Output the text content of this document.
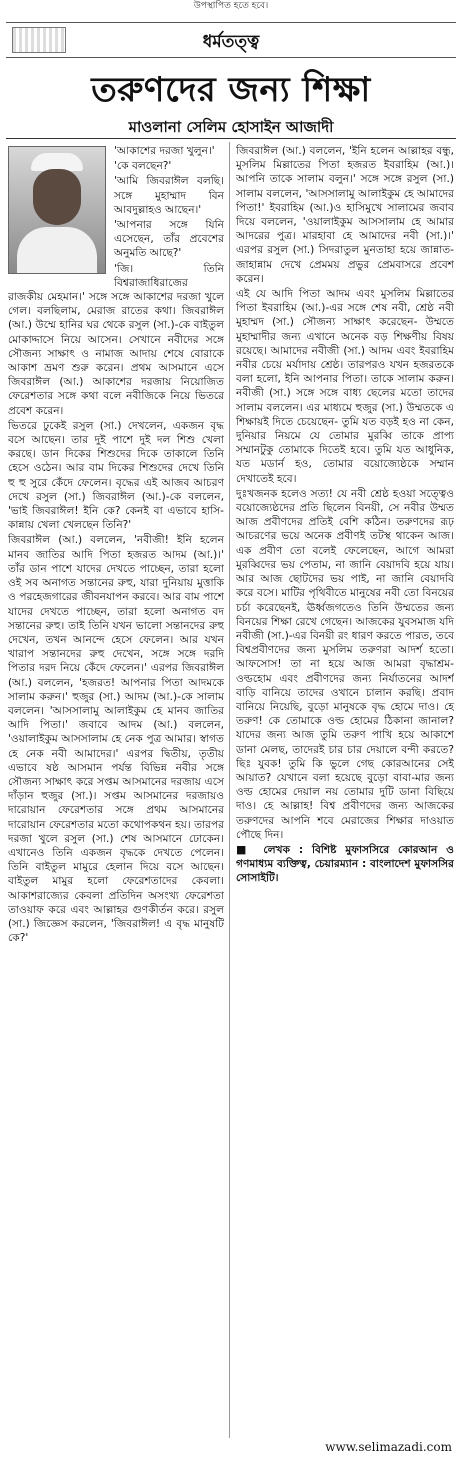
উপস্থাপিত হতে হবে।
ধর্মতত্ত্ব
তরুণদের জন্য শিক্ষা
মাওলানা সেলিম হোসাইন আজাদী

'আকাশের দরজা খুলুন।'

'কে বলছেন?'

'আমি জিবরাঈল বলছি। সঙ্গে মুহাম্মাদ বিন আবদুল্লাহও আছেন।'

'আপনার সঙ্গে যিনি এসেছেন, তাঁর প্রবেশের অনুমতি আছে?'

'জি। তিনি বিশ্বরাজাধিরাজের রাজকীয় মেহমান।' সঙ্গে সঙ্গে আকাশের দরজা খুলে গেল। বলছিলাম, মেরাজ রাতের কথা। জিবরাঈল (আ.) উম্মে হানির ঘর থেকে রসুল (সা.)-কে বাইতুল মোকাদ্দাসে নিয়ে আসেন। সেখানে নবীদের সঙ্গে সৌজন্য সাক্ষাৎ ও নামাজ আদায় শেষে বোরাকে আকাশ ভ্রমণ শুরু করেন। প্রথম আসমানে এসে জিবরাঈল (আ.) আকাশের দরজায় নিয়োজিত ফেরেশতার সঙ্গে কথা বলে নবীজিকে নিয়ে ভিতরে প্রবেশ করেন।

ভিতরে ঢুকেই রসুল (সা.) দেখলেন, একজন বৃদ্ধ বসে আছেন। তার দুই পাশে দুই দল শিশু খেলা করছে। ডান দিকের শিশুদের দিকে তাকালে তিনি হেসে ওঠেন। আর বাম দিকের শিশুদের দেখে তিনি হু হু সুরে কেঁদে ফেলেন। বৃদ্ধের এই আজব আচরণ দেখে রসুল (সা.) জিবরাঈল (আ.)-কে বললেন, 'ভাই জিবরাঈল! ইনি কে? কেনই বা এভাবে হাসি-কান্নায় খেলা খেলছেন তিনি?'

জিবরাঈল (আ.) বললেন, 'নবীজী! ইনি হলেন মানব জাতির আদি পিতা হজরত আদম (আ.)।' তাঁর ডান পাশে যাদের দেখতে পাচ্ছেন, তারা হলো ওই সব অনাগত সন্তানের রুহু, যারা দুনিয়ায় মুত্তাকি ও পরহেজগারের জীবনযাপন করবে। আর বাম পাশে যাদের দেখতে পাচ্ছেন, তারা হলো অনাগত বদ সন্তানের রুহু। তাই তিনি যখন ভালো সন্তানদের রুহু দেখেন, তখন আনন্দে হেসে ফেলেন। আর যখন খারাপ সন্তানদের রুহু দেখেন, সঙ্গে সঙ্গে দরদি পিতার দরদ নিয়ে কেঁদে ফেলেন।' এরপর জিবরাঈল (আ.) বললেন, 'হজরত! আপনার পিতা আদমকে সালাম করুন।' হুজুর (সা.) আদম (আ.)-কে সালাম বললেন। 'আসসালামু আলাইকুম হে মানব জাতির আদি পিতা।' জবাবে আদম (আ.) বললেন, 'ওয়ালাইকুম আসসালাম হে নেক পুত্র আমার। স্বাগত হে নেক নবী আমাদের।' এরপর দ্বিতীয়, তৃতীয় এভাবে ষষ্ঠ আসমান পর্যন্ত বিভিন্ন নবীর সঙ্গে সৌজন্য সাক্ষাৎ করে সপ্তম আসমানের দরজায় এসে দাঁড়ান হুজুর (সা.)। সপ্তম আসমানের দরজায়ও দারোয়ান ফেরেশতার সঙ্গে প্রথম আসমানের দারোয়ান ফেরেশতার মতো কথোপকথন হয়। তারপর দরজা খুলে রসুল (সা.) শেষ আসমানে ঢোকেন। এখানেও তিনি একজন বৃদ্ধকে দেখতে পেলেন। তিনি বাইতুল মামুরে হেলান দিয়ে বসে আছেন। বাইতুল মামুর হলো ফেরেশতাদের কেবলা। আকাশরাজ্যের কেবলা প্রতিদিন অসংখ্য ফেরেশতা তাওয়াফ করে এবং আল্লাহর গুণকীর্তন করে। রসুল (সা.) জিজ্ঞেস করলেন, 'জিবরাঈল! এ বৃদ্ধ মানুষটি কে?'

জিবরাঈল (আ.) বললেন, 'ইনি হলেন আল্লাহর বন্ধু, মুসলিম মিল্লাতের পিতা হজরত ইবরাহিম (আ.)। আপনি তাকে সালাম বলুন।' সঙ্গে সঙ্গে রসুল (সা.) সালাম বললেন, 'আসসালামু আলাইকুম হে আমাদের পিতা!' ইবরাহিম (আ.)ও হাসিমুখে সালামের জবাব দিয়ে বললেন, 'ওয়ালাইকুম আসসালাম হে আমার আদরের পুত্র। মারহাবা হে আমাদের নবী (সা.)।' এরপর রসুল (সা.) সিদরাতুল মুনতাহা হয়ে জান্নাত-জাহান্নাম দেখে প্রেমময় প্রভুর প্রেমবাসরে প্রবেশ করেন।

এই যে আদি পিতা আদম এবং মুসলিম মিল্লাতের পিতা ইবরাহিম (আ.)-এর সঙ্গে শেষ নবী, শ্রেষ্ঠ নবী মুহাম্মদ (সা.) সৌজন্য সাক্ষাৎ করেছেন- উম্মতে মুহাম্মাদীর জন্য এখানে অনেক বড় শিক্ষণীয় বিষয় রয়েছে। আমাদের নবীজী (সা.) আদম এবং ইবরাহিম নবীর চেয়ে মর্যাদায় শ্রেষ্ঠ। তারপরও যখন হজরতকে বলা হলো, ইনি আপনার পিতা। তাকে সালাম করুন। নবীজী (সা.) সঙ্গে সঙ্গে বাধ্য ছেলের মতো তাদের সালাম বললেন। এর মাধ্যমে হুজুর (সা.) উম্মতকে এ শিক্ষায়ই দিতে চেয়েছেন- তুমি যত বড়ই হও না কেন, দুনিয়ার নিয়মে যে তোমার মুরব্বি তাকে প্রাপ্য সম্মানটুকু তোমাকে দিতেই হবে। তুমি যত আধুনিক, যত মডার্ন হও, তোমার বয়োজ্যেষ্ঠকে সম্মান দেখাতেই হবে।

দুঃখজনক হলেও সত্য! যে নবী শ্রেষ্ঠ হওয়া সত্ত্বেও বয়োজ্যেষ্ঠদের প্রতি ছিলেন বিনয়ী, সে নবীর উম্মত আজ প্রবীণদের প্রতিই বেশি কঠিন। তরুণদের রূঢ় আচরণের ভয়ে অনেক প্রবীণই তটস্থ থাকেন আজ। এক প্রবীণ তো বলেই ফেলেছেন, আগে আমরা মুরব্বিদের ভয় পেতাম, না জানি বেয়াদবি হয়ে যায়। আর আজ ছোটদের ভয় পাই, না জানি বেয়াদবি করে বসে। মাটির পৃথিবীতে মানুষের নবী তো বিনয়ের চর্চা করেছেনই, ঊর্ধ্বজগতেও তিনি উম্মতের জন্য বিনয়ের শিক্ষা রেখে গেছেন। আজকের যুবসমাজ যদি নবীজী (সা.)-এর বিনয়ী রং ধারণ করতে পারত, তবে বিশ্বপ্রবীণদের জন্য মুসলিম তরুণরা আদর্শ হতো। আফসোস! তা না হয়ে আজ আমরা বৃদ্ধাশ্রম-ওল্ডহোম এবং প্রবীণদের জন্য নির্যাতনের আদর্শ বাড়ি বানিয়ে তাদের ওখানে চালান করছি। প্রবাদ বানিয়ে নিয়েছি, বুড়ো মানুষকে বৃদ্ধ হোমে দাও। হে তরুণ! কে তোমাকে ওল্ড হোমের ঠিকানা জানাল? যাদের জন্য আজ তুমি তরুণ পাখি হয়ে আকাশে ডানা মেলছ, তাদেরই চার চার দেয়ালে বন্দী করতে? ছিঃ যুবক! তুমি কি ভুলে গেছ কোরআনের সেই আয়াত? যেখানে বলা হয়েছে বুড়ো বাবা-মার জন্য ওল্ড হোমের দেয়াল নয় তোমার দুটি ডানা বিছিয়ে দাও। হে আল্লাহ! বিশ্ব প্রবীণদের জন্য আজকের তরুণদের আপনি শবে মেরাজের শিক্ষার দাওয়াত পৌছে দিন।

■ লেখক : বিশিষ্ট মুফাসসিরে কোরআন ও গণমাধ্যম ব্যক্তিত্ব, চেয়ারম্যান : বাংলাদেশ মুফাসসির সোসাইটি।

www.selimazadi.com
